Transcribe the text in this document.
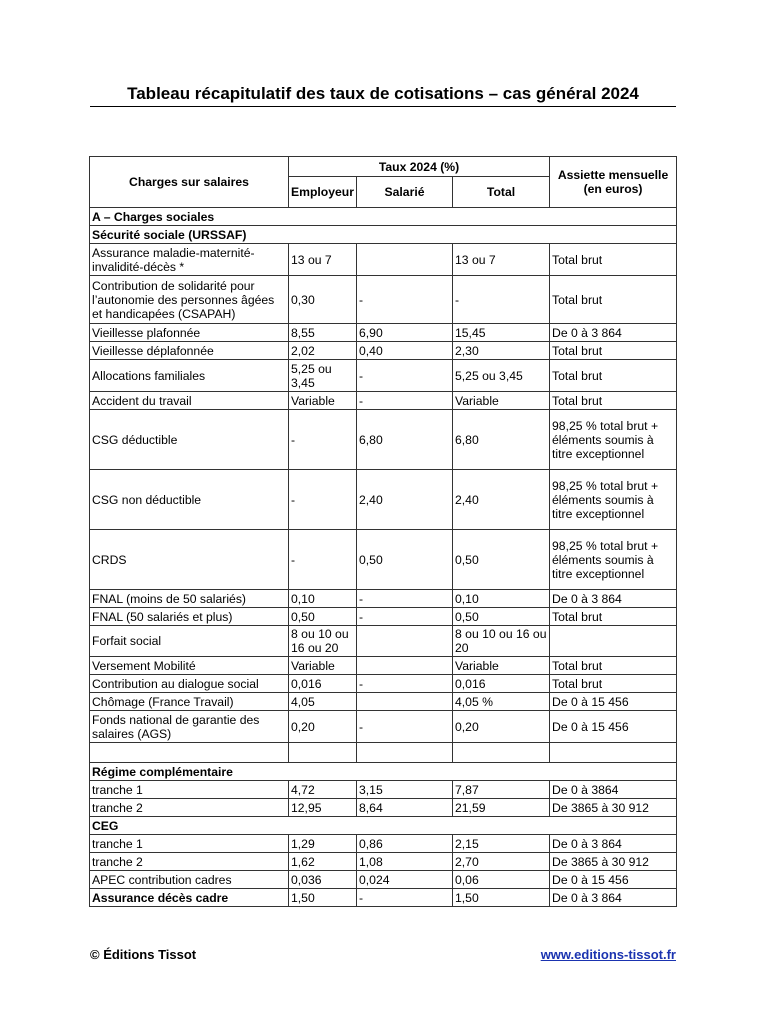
Tableau récapitulatif des taux de cotisations – cas général 2024
Charges sur salaires	Taux 2024 (%)			Assiette mensuelle (en euros)
	Employeur	Salarié	Total	
A – Charges sociales				
Sécurité sociale (URSSAF)				
Assurance maladie-maternité-invalidité-décès *	13 ou 7		13 ou 7	Total brut
Contribution de solidarité pour l’autonomie des personnes âgées et handicapées (CSAPAH)	0,30	-	-	Total brut
Vieillesse plafonnée	8,55	6,90	15,45	De 0 à 3 864
Vieillesse déplafonnée	2,02	0,40	2,30	Total brut
Allocations familiales	5,25 ou 3,45	-	5,25 ou 3,45	Total brut
Accident du travail	Variable	-	Variable	Total brut
CSG déductible	-	6,80	6,80	98,25 % total brut + éléments soumis à titre exceptionnel
CSG non déductible	-	2,40	2,40	98,25 % total brut + éléments soumis à titre exceptionnel
CRDS	-	0,50	0,50	98,25 % total brut + éléments soumis à titre exceptionnel
FNAL (moins de 50 salariés)	0,10	-	0,10	De 0 à 3 864
FNAL (50 salariés et plus)	0,50	-	0,50	Total brut
Forfait social	8 ou 10 ou 16 ou 20		8 ou 10 ou 16 ou 20	
Versement Mobilité	Variable		Variable	Total brut
Contribution au dialogue social	0,016	-	0,016	Total brut
Chômage (France Travail)	4,05		4,05 %	De 0 à 15 456
Fonds national de garantie des salaires (AGS)	0,20	-	0,20	De 0 à 15 456

Régime complémentaire				
tranche 1	4,72	3,15	7,87	De 0 à 3864
tranche 2	12,95	8,64	21,59	De 3865 à 30 912
CEG				
tranche 1	1,29	0,86	2,15	De 0 à 3 864
tranche 2	1,62	1,08	2,70	De 3865 à 30 912
APEC contribution cadres	0,036	0,024	0,06	De 0 à 15 456
Assurance décès cadre	1,50	-	1,50	De 0 à 3 864
© Éditions Tissot	www.editions-tissot.fr
